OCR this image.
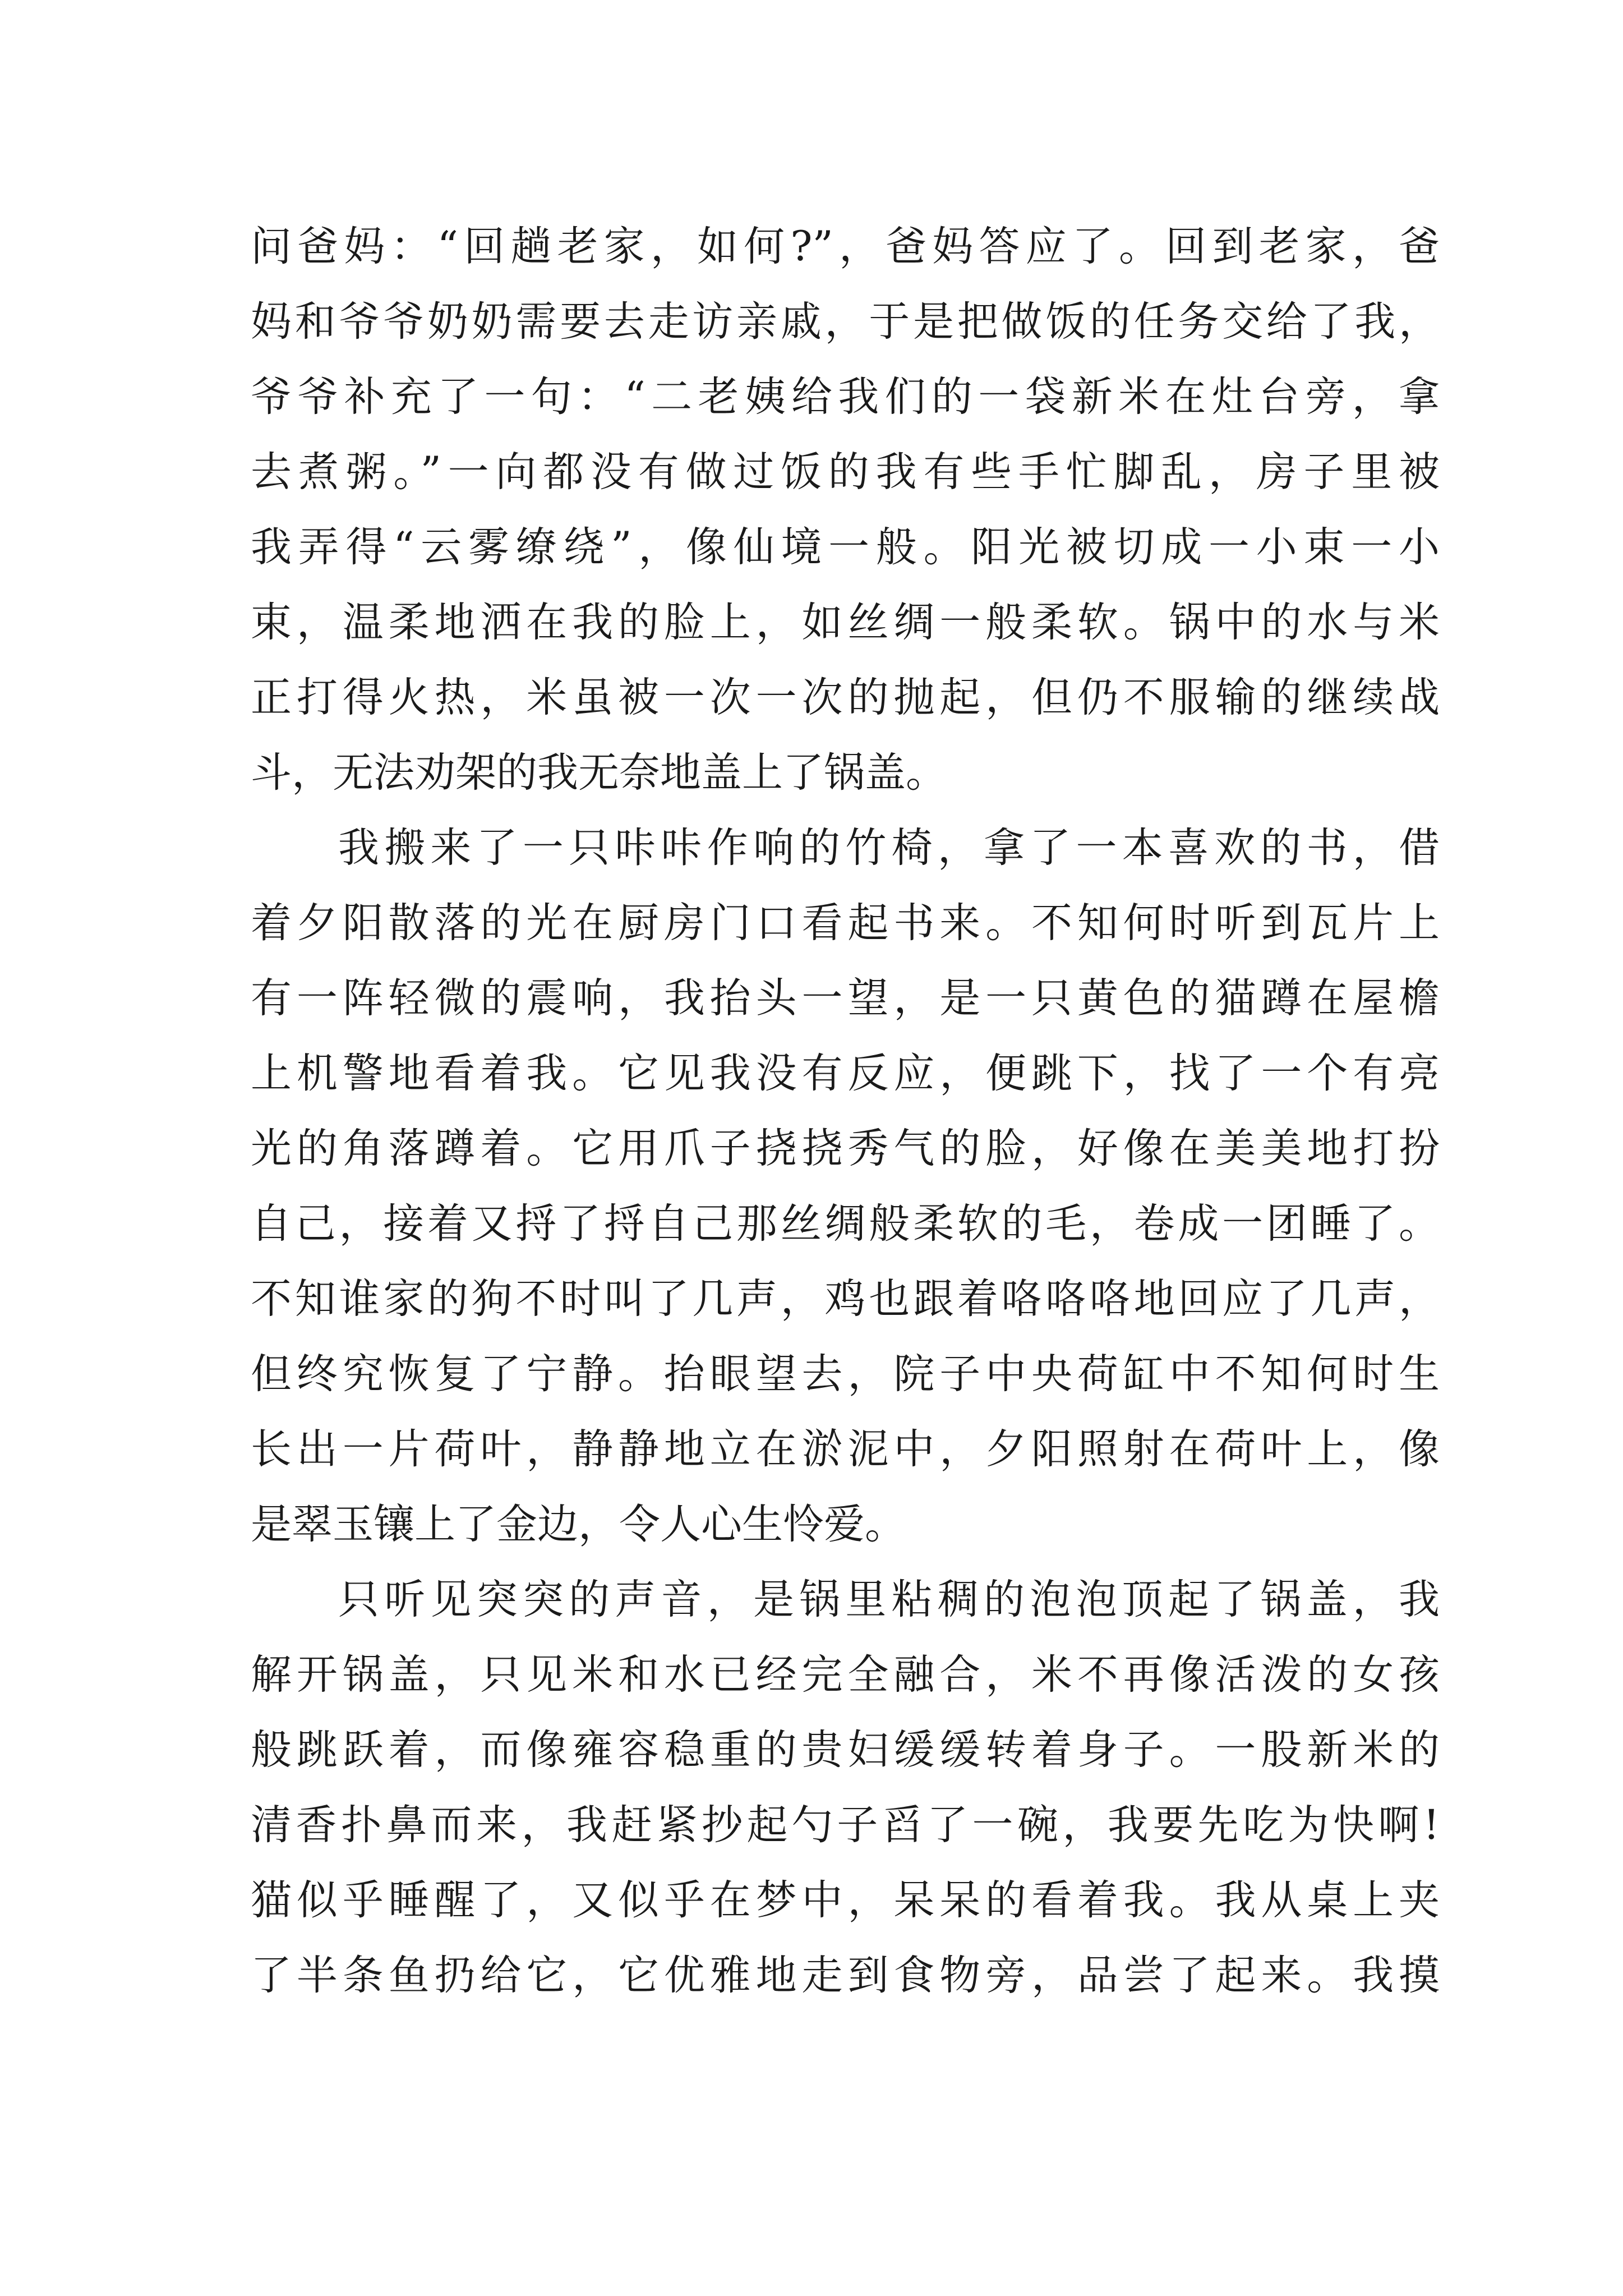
问爸妈：“回趟老家，如何?”，爸妈答应了。回到老家，爸
妈和爷爷奶奶需要去走访亲戚，于是把做饭的任务交给了我，
爷爷补充了一句：“二老姨给我们的一袋新米在灶台旁，拿
去煮粥。”一向都没有做过饭的我有些手忙脚乱，房子里被
我弄得“云雾缭绕”，像仙境一般。阳光被切成一小束一小
束，温柔地洒在我的脸上，如丝绸一般柔软。锅中的水与米
正打得火热，米虽被一次一次的抛起，但仍不服输的继续战
斗，无法劝架的我无奈地盖上了锅盖。
我搬来了一只咔咔作响的竹椅，拿了一本喜欢的书，借
着夕阳散落的光在厨房门口看起书来。不知何时听到瓦片上
有一阵轻微的震响，我抬头一望，是一只黄色的猫蹲在屋檐
上机警地看着我。它见我没有反应，便跳下，找了一个有亮
光的角落蹲着。它用爪子挠挠秀气的脸，好像在美美地打扮
自己，接着又捋了捋自己那丝绸般柔软的毛，卷成一团睡了。
不知谁家的狗不时叫了几声，鸡也跟着咯咯咯地回应了几声，
但终究恢复了宁静。抬眼望去，院子中央荷缸中不知何时生
长出一片荷叶，静静地立在淤泥中，夕阳照射在荷叶上，像
是翠玉镶上了金边，令人心生怜爱。
只听见突突的声音，是锅里粘稠的泡泡顶起了锅盖，我
解开锅盖，只见米和水已经完全融合，米不再像活泼的女孩
般跳跃着，而像雍容稳重的贵妇缓缓转着身子。一股新米的
清香扑鼻而来，我赶紧抄起勺子舀了一碗，我要先吃为快啊!
猫似乎睡醒了，又似乎在梦中，呆呆的看着我。我从桌上夹
了半条鱼扔给它，它优雅地走到食物旁，品尝了起来。我摸
